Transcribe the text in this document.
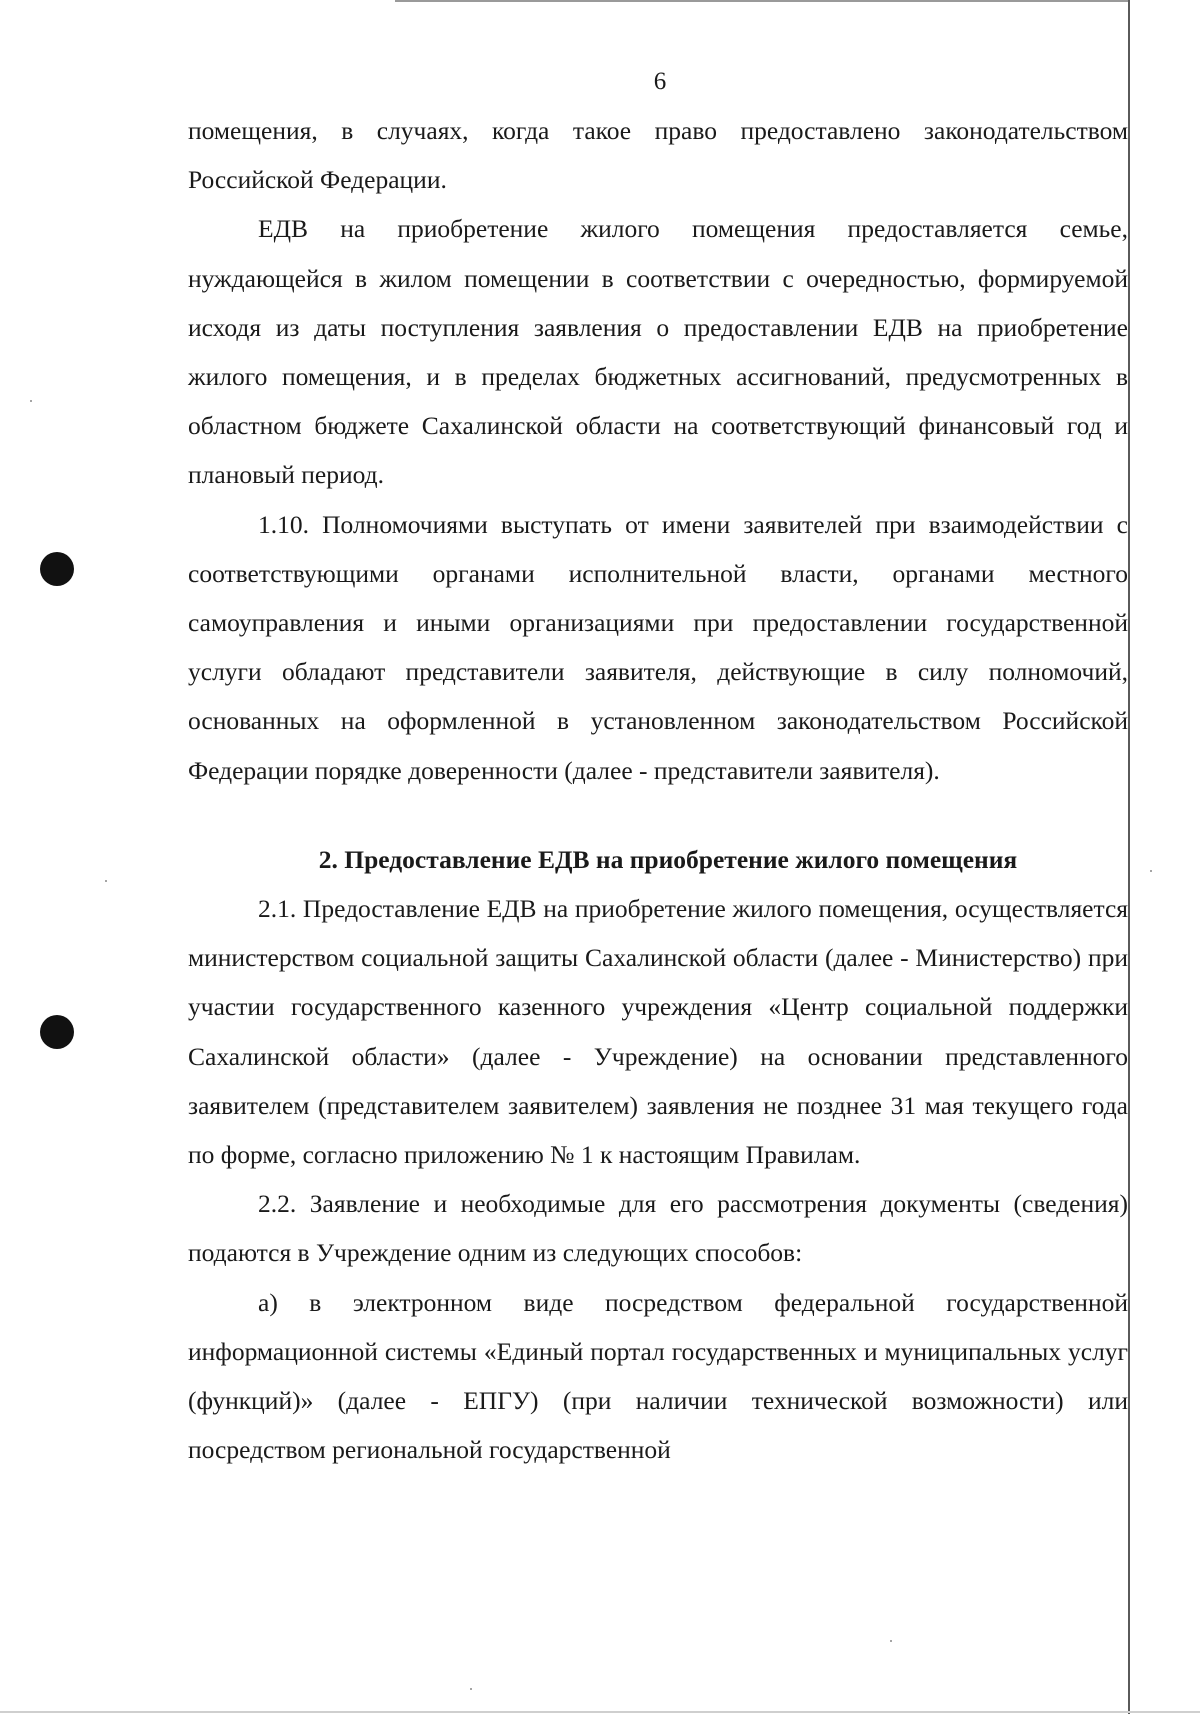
6

помещения, в случаях, когда такое право предоставлено законодательством Российской Федерации.

ЕДВ на приобретение жилого помещения предоставляется семье, нуждающейся в жилом помещении в соответствии с очередностью, формируемой исходя из даты поступления заявления о предоставлении ЕДВ на приобретение жилого помещения, и в пределах бюджетных ассигнований, предусмотренных в областном бюджете Сахалинской области на соответствующий финансовый год и плановый период.

1.10. Полномочиями выступать от имени заявителей при взаимодействии с соответствующими органами исполнительной власти, органами местного самоуправления и иными организациями при предоставлении государственной услуги обладают представители заявителя, действующие в силу полномочий, основанных на оформленной в установленном законодательством Российской Федерации порядке доверенности (далее - представители заявителя).

2. Предоставление ЕДВ на приобретение жилого помещения

2.1. Предоставление ЕДВ на приобретение жилого помещения, осуществляется министерством социальной защиты Сахалинской области (далее - Министерство) при участии государственного казенного учреждения «Центр социальной поддержки Сахалинской области» (далее - Учреждение) на основании представленного заявителем (представителем заявителем) заявления не позднее 31 мая текущего года по форме, согласно приложению № 1 к настоящим Правилам.

2.2. Заявление и необходимые для его рассмотрения документы (сведения) подаются в Учреждение одним из следующих способов:

а) в электронном виде посредством федеральной государственной информационной системы «Единый портал государственных и муниципальных услуг (функций)» (далее - ЕПГУ) (при наличии технической возможности) или посредством региональной государственной
